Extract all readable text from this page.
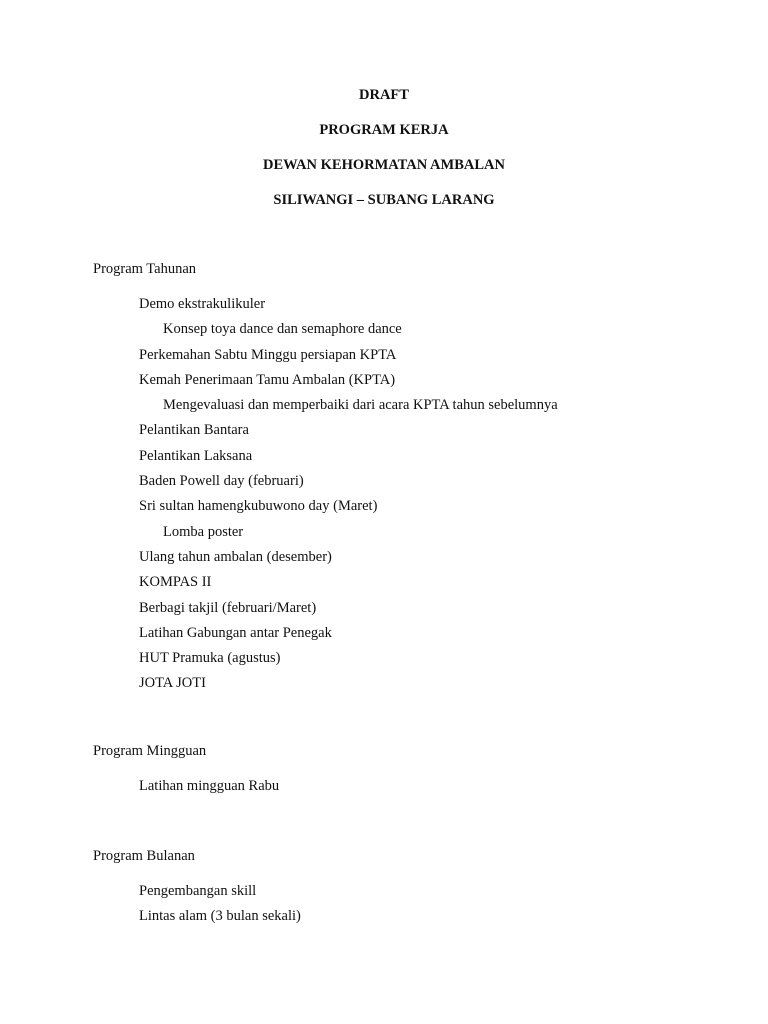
DRAFT
PROGRAM KERJA
DEWAN KEHORMATAN AMBALAN
SILIWANGI – SUBANG LARANG
Program Tahunan
Demo ekstrakulikuler
Konsep toya dance dan semaphore dance
Perkemahan Sabtu Minggu persiapan KPTA
Kemah Penerimaan Tamu Ambalan (KPTA)
Mengevaluasi dan memperbaiki dari acara KPTA tahun sebelumnya
Pelantikan Bantara
Pelantikan Laksana
Baden Powell day (februari)
Sri sultan hamengkubuwono day (Maret)
Lomba poster
Ulang tahun ambalan (desember)
KOMPAS II
Berbagi takjil (februari/Maret)
Latihan Gabungan antar Penegak
HUT Pramuka (agustus)
JOTA JOTI
Program Mingguan
Latihan mingguan Rabu
Program Bulanan
Pengembangan skill
Lintas alam (3 bulan sekali)
